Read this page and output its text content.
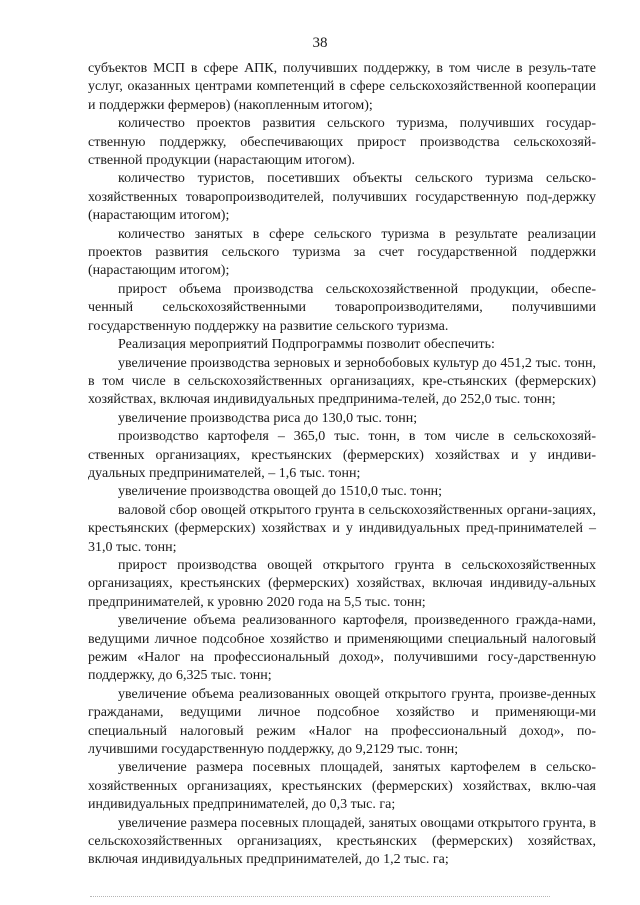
38

субъектов МСП в сфере АПК, получивших поддержку, в том числе в резуль-тате услуг, оказанных центрами компетенций в сфере сельскохозяйственной кооперации и поддержки фермеров) (накопленным итогом);

количество проектов развития сельского туризма, получивших государ-ственную поддержку, обеспечивающих прирост производства сельскохозяй-ственной продукции (нарастающим итогом).

количество туристов, посетивших объекты сельского туризма сельско-хозяйственных товаропроизводителей, получивших государственную под-держку (нарастающим итогом);

количество занятых в сфере сельского туризма в результате реализации проектов развития сельского туризма за счет государственной поддержки (нарастающим итогом);

прирост объема производства сельскохозяйственной продукции, обеспе-ченный сельскохозяйственными товаропроизводителями, получившими государственную поддержку на развитие сельского туризма.

Реализация мероприятий Подпрограммы позволит обеспечить:

увеличение производства зерновых и зернобобовых культур до 451,2 тыс. тонн, в том числе в сельскохозяйственных организациях, кре-стьянских (фермерских) хозяйствах, включая индивидуальных предпринима-телей, до 252,0 тыс. тонн;

увеличение производства риса до 130,0 тыс. тонн;

производство картофеля – 365,0 тыс. тонн, в том числе в сельскохозяй-ственных организациях, крестьянских (фермерских) хозяйствах и у индиви-дуальных предпринимателей, – 1,6 тыс. тонн;

увеличение производства овощей до 1510,0 тыс. тонн;

валовой сбор овощей открытого грунта в сельскохозяйственных органи-зациях, крестьянских (фермерских) хозяйствах и у индивидуальных пред-принимателей – 31,0 тыс. тонн;

прирост производства овощей открытого грунта в сельскохозяйственных организациях, крестьянских (фермерских) хозяйствах, включая индивиду-альных предпринимателей, к уровню 2020 года на 5,5 тыс. тонн;

увеличение объема реализованного картофеля, произведенного гражда-нами, ведущими личное подсобное хозяйство и применяющими специальный налоговый режим «Налог на профессиональный доход», получившими госу-дарственную поддержку, до 6,325 тыс. тонн;

увеличение объема реализованных овощей открытого грунта, произве-денных гражданами, ведущими личное подсобное хозяйство и применяющи-ми специальный налоговый режим «Налог на профессиональный доход», по-лучившими государственную поддержку, до 9,2129 тыс. тонн;

увеличение размера посевных площадей, занятых картофелем в сельско-хозяйственных организациях, крестьянских (фермерских) хозяйствах, вклю-чая индивидуальных предпринимателей, до 0,3 тыс. га;

увеличение размера посевных площадей, занятых овощами открытого грунта, в сельскохозяйственных организациях, крестьянских (фермерских) хозяйствах, включая индивидуальных предпринимателей, до 1,2 тыс. га;
